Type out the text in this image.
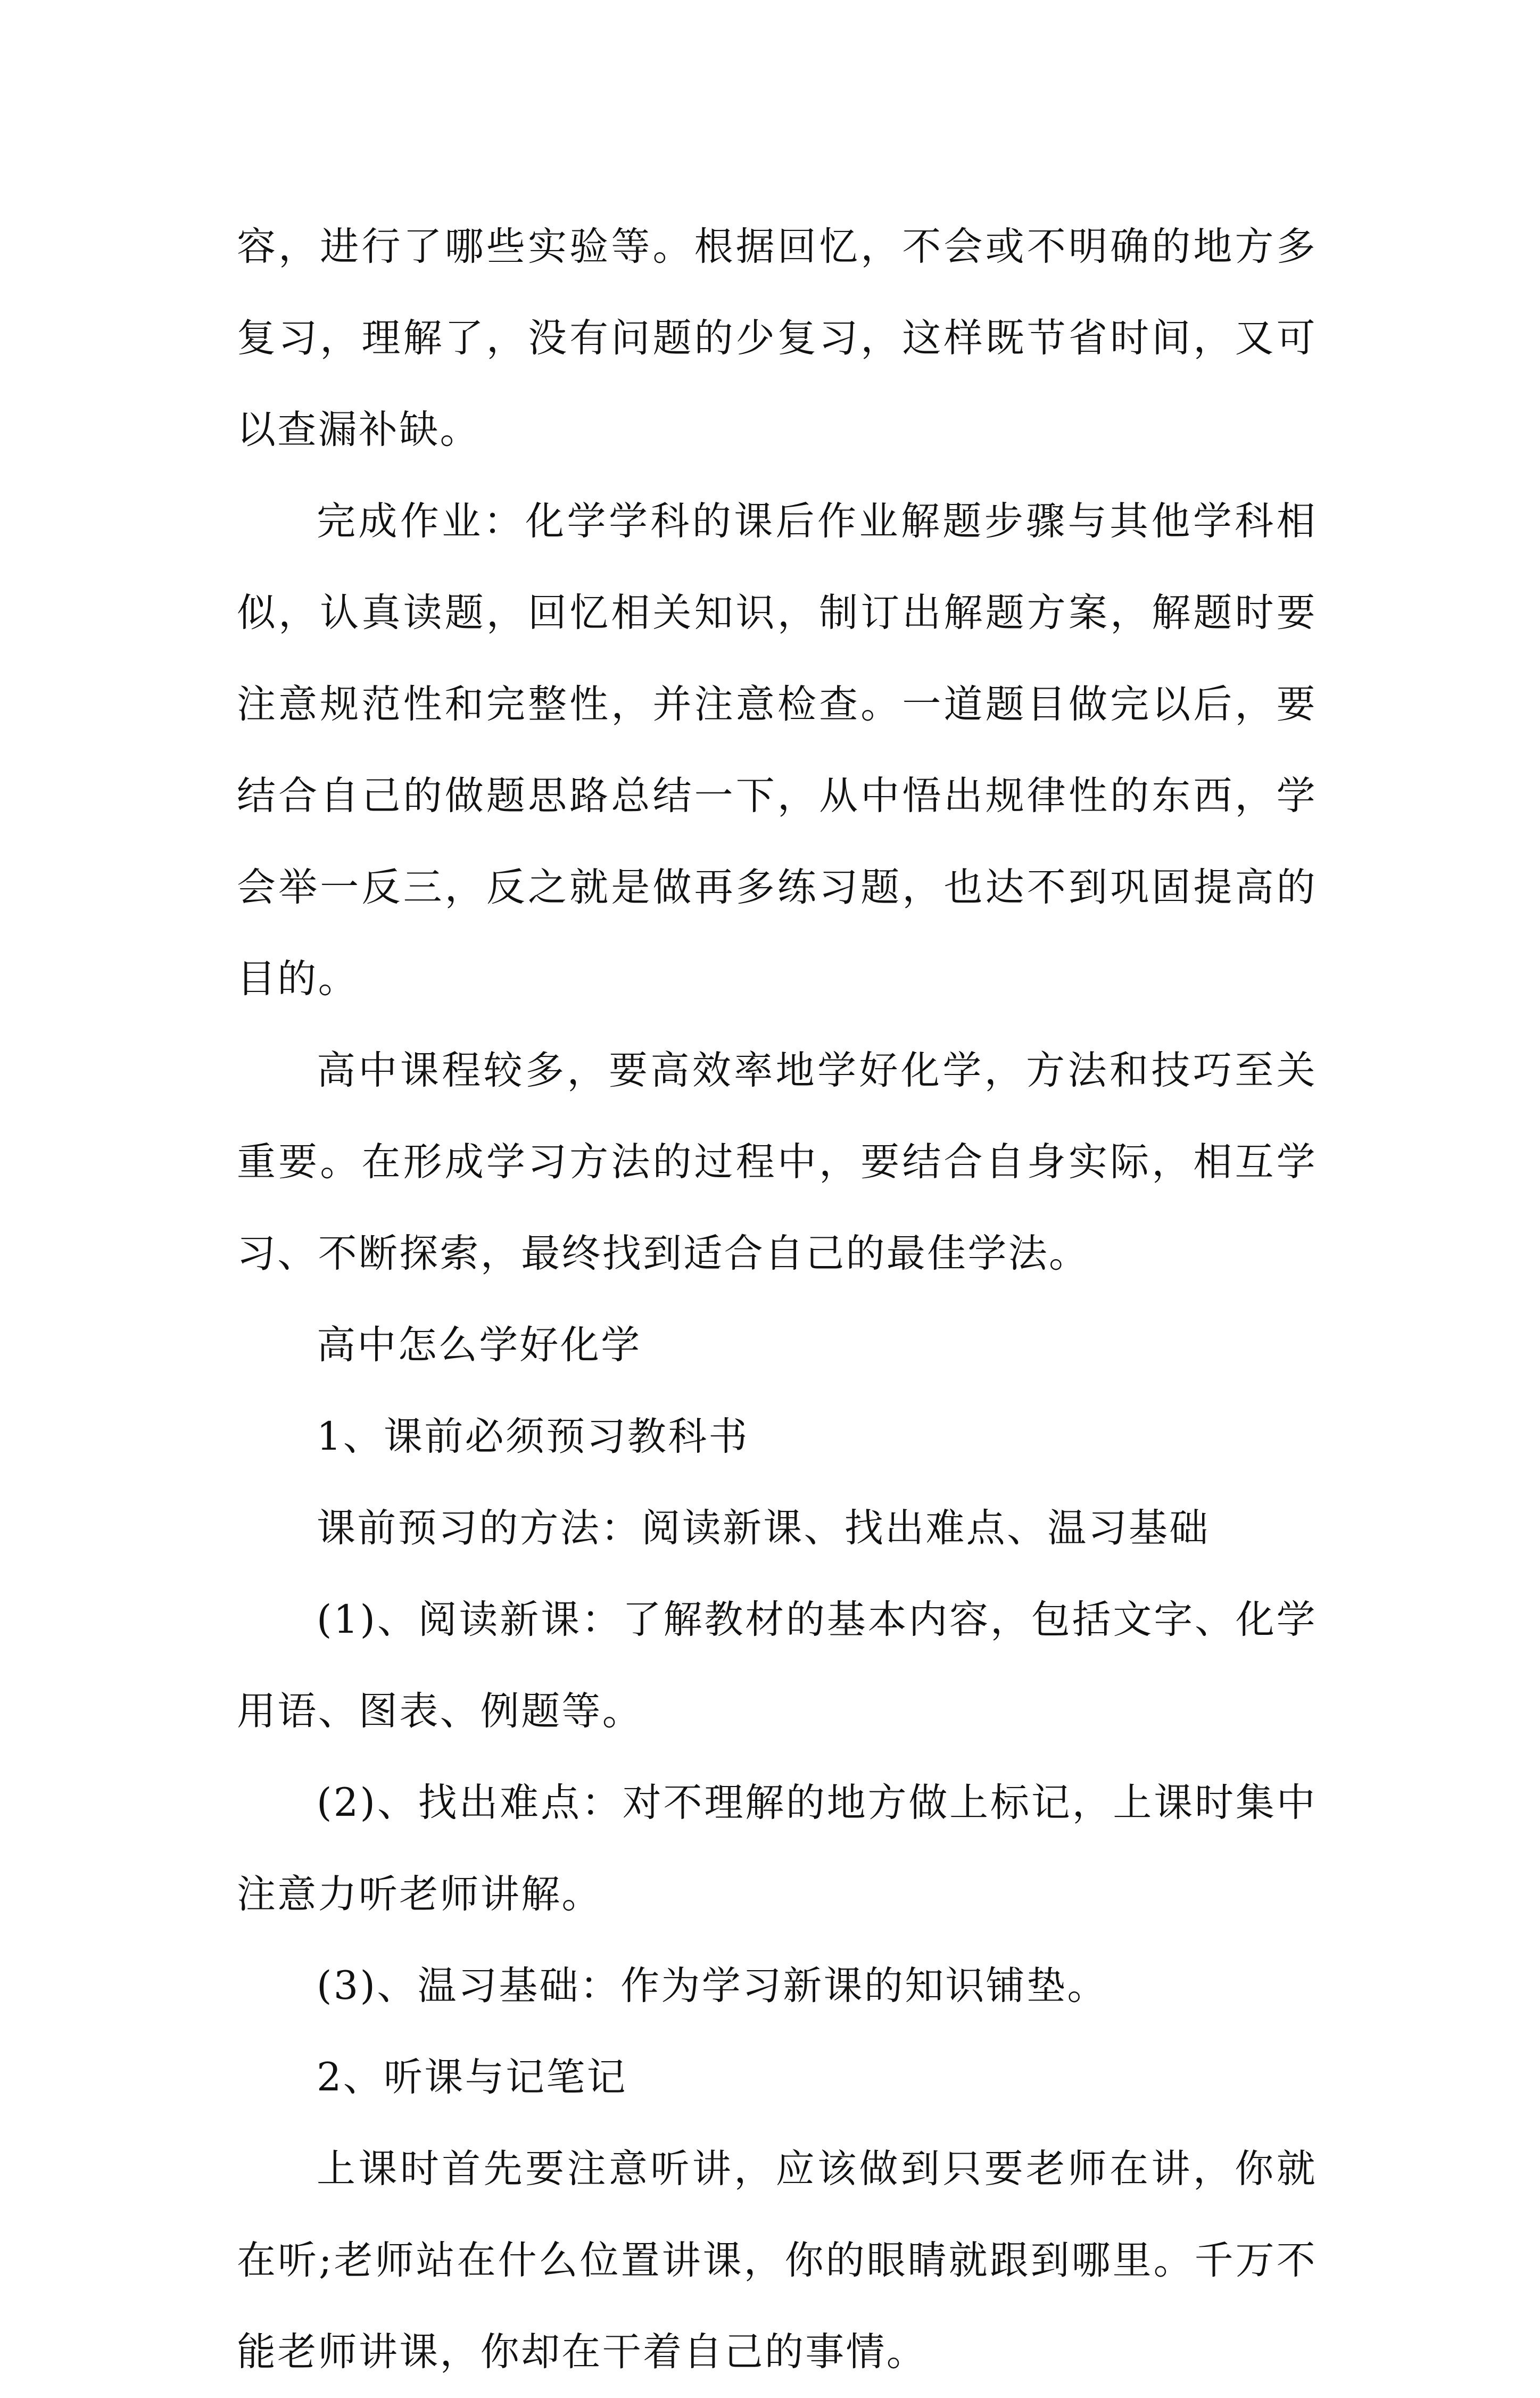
容，进行了哪些实验等。根据回忆，不会或不明确的地方多复习，理解了，没有问题的少复习，这样既节省时间，又可以查漏补缺。

完成作业：化学学科的课后作业解题步骤与其他学科相似，认真读题，回忆相关知识，制订出解题方案，解题时要注意规范性和完整性，并注意检查。一道题目做完以后，要结合自己的做题思路总结一下，从中悟出规律性的东西，学会举一反三，反之就是做再多练习题，也达不到巩固提高的目的。

高中课程较多，要高效率地学好化学，方法和技巧至关重要。在形成学习方法的过程中，要结合自身实际，相互学习、不断探索，最终找到适合自己的最佳学法。

高中怎么学好化学

1、课前必须预习教科书

课前预习的方法：阅读新课、找出难点、温习基础

(1)、阅读新课：了解教材的基本内容，包括文字、化学用语、图表、例题等。

(2)、找出难点：对不理解的地方做上标记，上课时集中注意力听老师讲解。

(3)、温习基础：作为学习新课的知识铺垫。

2、听课与记笔记

上课时首先要注意听讲，应该做到只要老师在讲，你就在听;老师站在什么位置讲课，你的眼睛就跟到哪里。千万不能老师讲课，你却在干着自己的事情。
